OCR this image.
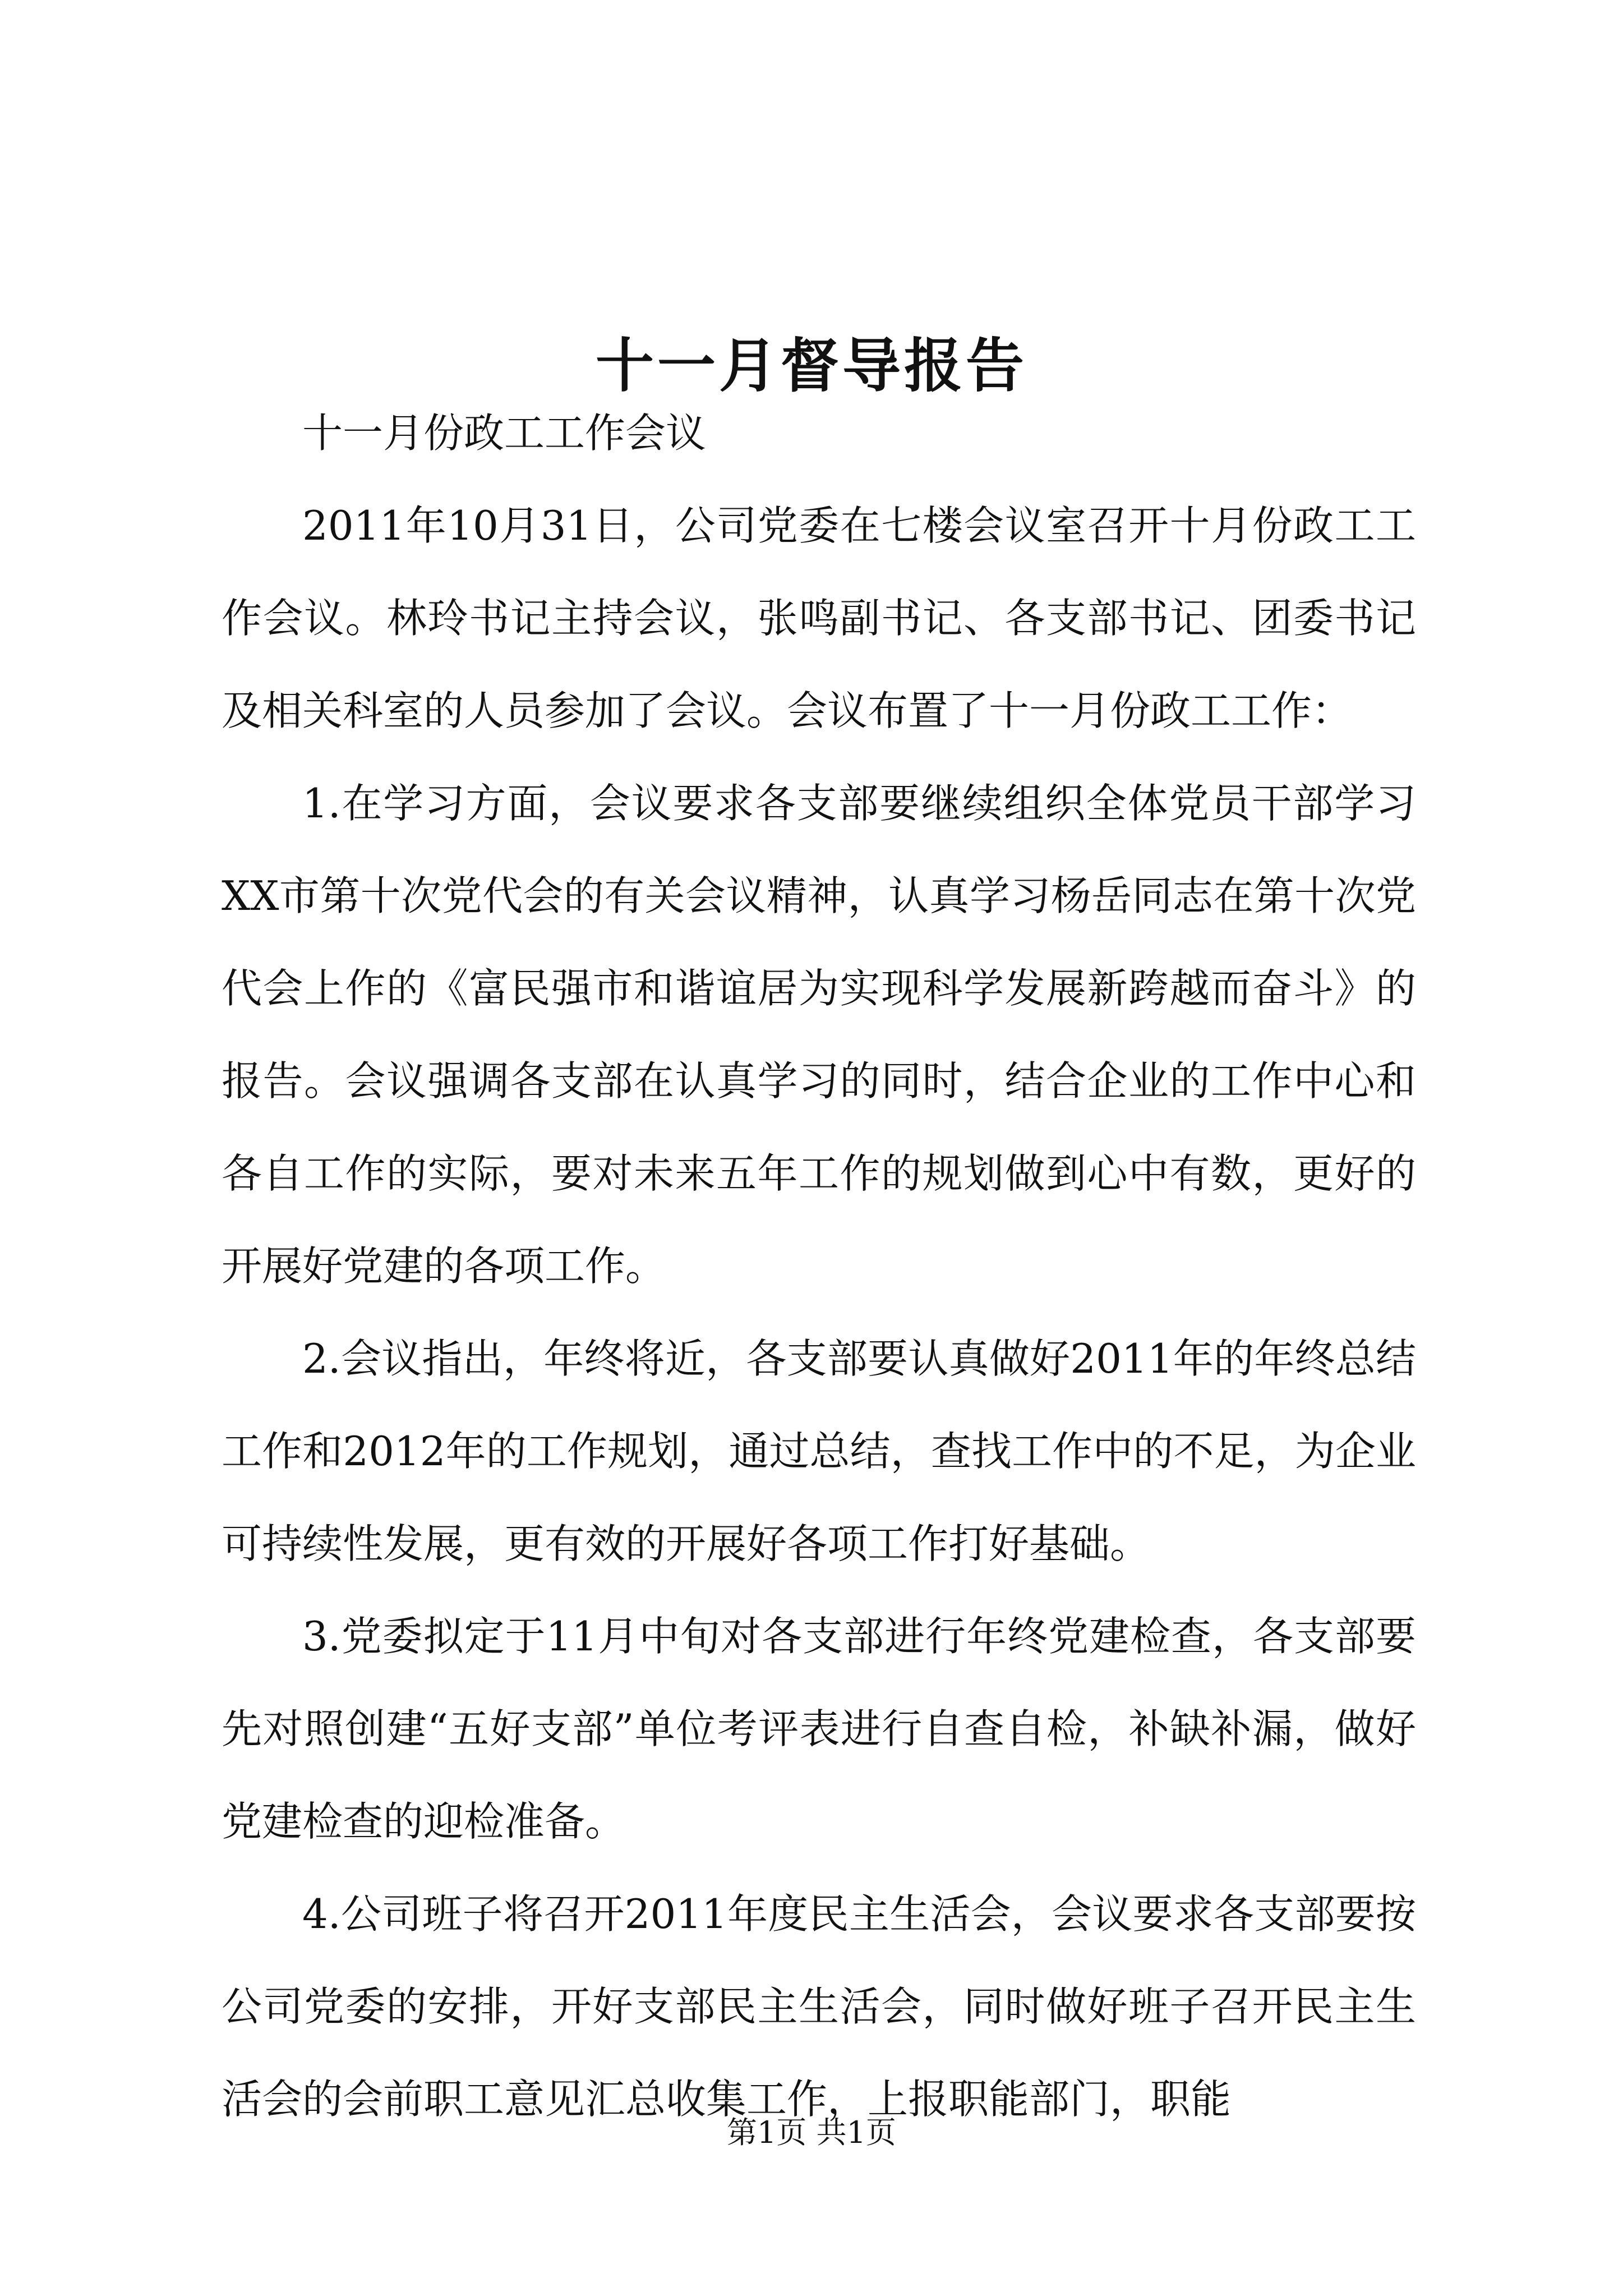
十一月督导报告

十一月份政工工作会议

2011年10月31日，公司党委在七楼会议室召开十月份政工工作会议。林玲书记主持会议，张鸣副书记、各支部书记、团委书记及相关科室的人员参加了会议。会议布置了十一月份政工工作：

1.在学习方面，会议要求各支部要继续组织全体党员干部学习XX市第十次党代会的有关会议精神，认真学习杨岳同志在第十次党代会上作的《富民强市和谐谊居为实现科学发展新跨越而奋斗》的报告。会议强调各支部在认真学习的同时，结合企业的工作中心和各自工作的实际，要对未来五年工作的规划做到心中有数，更好的开展好党建的各项工作。

2.会议指出，年终将近，各支部要认真做好2011年的年终总结工作和2012年的工作规划，通过总结，查找工作中的不足，为企业可持续性发展，更有效的开展好各项工作打好基础。

3.党委拟定于11月中旬对各支部进行年终党建检查，各支部要先对照创建“五好支部”单位考评表进行自查自检，补缺补漏，做好党建检查的迎检准备。

4.公司班子将召开2011年度民主生活会，会议要求各支部要按公司党委的安排，开好支部民主生活会，同时做好班子召开民主生活会的会前职工意见汇总收集工作，上报职能部门，职能

第1页 共1页
